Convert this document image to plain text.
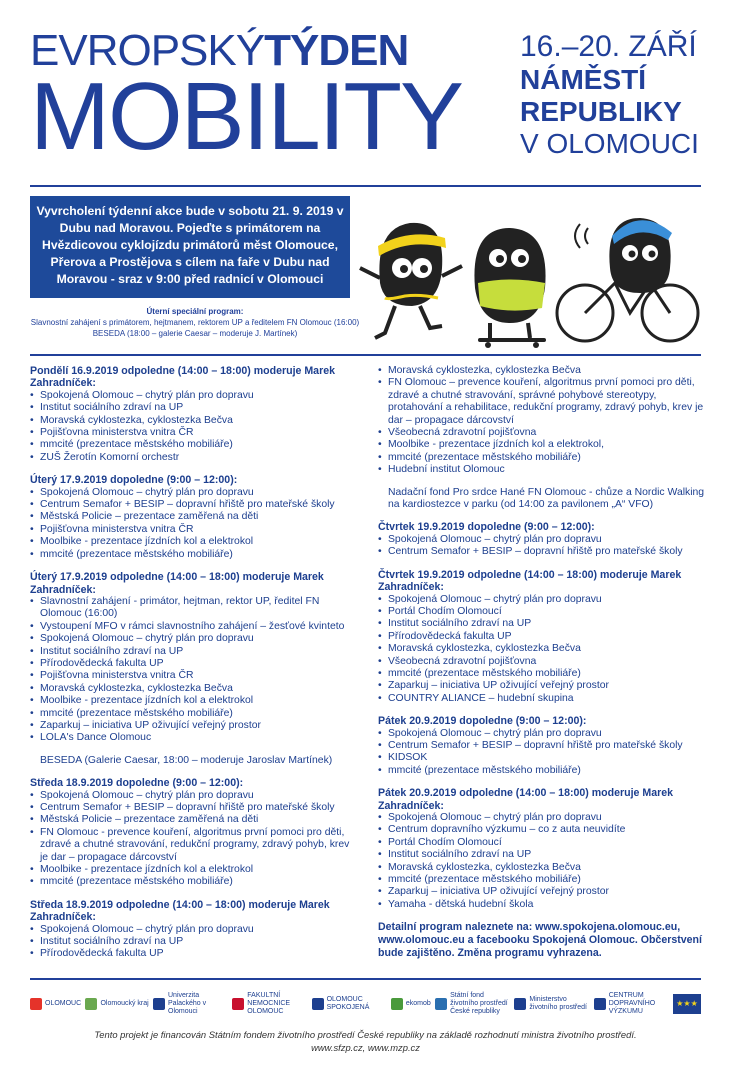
EVROPSKÝTÝDEN
MOBILITY
16.–20. ZÁŘÍ
NÁMĚSTÍ
REPUBLIKY
V OLOMOUCI
Vyvrcholení týdenní akce bude v sobotu 21. 9. 2019 v Dubu nad Moravou. Pojeďte s primátorem na Hvězdicovou cyklojízdu primátorů měst Olomouce, Přerova a Prostějova s cílem na faře v Dubu nad Moravou - sraz v 9:00 před radnicí v Olomouci
Úterní speciální program:
Slavnostní zahájení s primátorem, hejtmanem, rektorem UP a ředitelem FN Olomouc (16:00)
BESEDA (18:00 – galerie Caesar – moderuje J. Martínek)
Pondělí 16.9.2019 odpoledne (14:00 – 18:00) moderuje Marek Zahradníček:
• Spokojená Olomouc – chytrý plán pro dopravu
• Institut sociálního zdraví na UP
• Moravská cyklostezka, cyklostezka Bečva
• Pojišťovna ministerstva vnitra ČR
• mmcité (prezentace městského mobiliáře)
• ZUŠ Žerotín Komorní orchestr
Úterý 17.9.2019 dopoledne (9:00 – 12:00):
• Spokojená Olomouc – chytrý plán pro dopravu
• Centrum Semafor + BESIP – dopravní hřiště pro mateřské školy
• Městská Policie – prezentace zaměřená na děti
• Pojišťovna ministerstva vnitra ČR
• Moolbike - prezentace jízdních kol a elektrokol
• mmcité (prezentace městského mobiliáře)
Úterý 17.9.2019 odpoledne (14:00 – 18:00) moderuje Marek Zahradníček:
• Slavnostní zahájení - primátor, hejtman, rektor UP, ředitel FN Olomouc (16:00)
• Vystoupení MFO v rámci slavnostního zahájení – žesťové kvinteto
• Spokojená Olomouc – chytrý plán pro dopravu
• Institut sociálního zdraví na UP
• Přírodovědecká fakulta UP
• Pojišťovna ministerstva vnitra ČR
• Moravská cyklostezka, cyklostezka Bečva
• Moolbike - prezentace jízdních kol a elektrokol
• mmcité (prezentace městského mobiliáře)
• Zaparkuj – iniciativa UP oživující veřejný prostor
• LOLA's Dance Olomouc
BESEDA (Galerie Caesar, 18:00 – moderuje Jaroslav Martínek)
Středa 18.9.2019 dopoledne (9:00 – 12:00):
• Spokojená Olomouc – chytrý plán pro dopravu
• Centrum Semafor + BESIP – dopravní hřiště pro mateřské školy
• Městská Policie – prezentace zaměřená na děti
• FN Olomouc - prevence kouření, algoritmus první pomoci pro děti, zdravé a chutné stravování, redukční programy, zdravý pohyb, krev je dar – propagace dárcovství
• Moolbike - prezentace jízdních kol a elektrokol
• mmcité (prezentace městského mobiliáře)
Středa 18.9.2019 odpoledne (14:00 – 18:00) moderuje Marek Zahradníček:
• Spokojená Olomouc – chytrý plán pro dopravu
• Institut sociálního zdraví na UP
• Přírodovědecká fakulta UP
• Moravská cyklostezka, cyklostezka Bečva
• FN Olomouc – prevence kouření, algoritmus první pomoci pro děti, zdravé a chutné stravování, správné pohybové stereotypy, protahování a rehabilitace, redukční programy, zdravý pohyb, krev je dar – propagace dárcovství
• Všeobecná zdravotní pojišťovna
• Moolbike - prezentace jízdních kol a elektrokol,
• mmcité (prezentace městského mobiliáře)
• Hudební institut Olomouc
Nadační fond Pro srdce Hané FN Olomouc - chůze a Nordic Walking na kardiostezce v parku (od 14:00 za pavilonem „A“ VFO)
Čtvrtek 19.9.2019 dopoledne (9:00 – 12:00):
• Spokojená Olomouc – chytrý plán pro dopravu
• Centrum Semafor + BESIP – dopravní hřiště pro mateřské školy
Čtvrtek 19.9.2019 odpoledne (14:00 – 18:00) moderuje Marek Zahradníček:
• Spokojená Olomouc – chytrý plán pro dopravu
• Portál Chodím Olomoucí
• Institut sociálního zdraví na UP
• Přírodovědecká fakulta UP
• Moravská cyklostezka, cyklostezka Bečva
• Všeobecná zdravotní pojišťovna
• mmcité (prezentace městského mobiliáře)
• Zaparkuj – iniciativa UP oživující veřejný prostor
• COUNTRY ALIANCE – hudební skupina
Pátek 20.9.2019 dopoledne (9:00 – 12:00):
• Spokojená Olomouc – chytrý plán pro dopravu
• Centrum Semafor + BESIP – dopravní hřiště pro mateřské školy
• KIDSOK
• mmcité (prezentace městského mobiliáře)
Pátek 20.9.2019 odpoledne (14:00 – 18:00) moderuje Marek Zahradníček:
• Spokojená Olomouc – chytrý plán pro dopravu
• Centrum dopravního výzkumu – co z auta neuvidíte
• Portál Chodím Olomoucí
• Institut sociálního zdraví na UP
• Moravská cyklostezka, cyklostezka Bečva
• mmcité (prezentace městského mobiliáře)
• Zaparkuj – iniciativa UP oživující veřejný prostor
• Yamaha - dětská hudební škola
Detailní program naleznete na: www.spokojena.olomouc.eu, www.olomouc.eu a facebooku Spokojená Olomouc. Občerstvení bude zajištěno. Změna programu vyhrazena.
OLOMOUC	Olomoucký kraj
Univerzita Palackého v Olomouci
FAKULTNÍ NEMOCNICE OLOMOUC
OLOMOUC SPOKOJENÁ
ekomob
Státní fond životního prostředí České republiky
Ministerstvo životního prostředí
CENTRUM DOPRAVNÍHO VÝZKUMU
★★★
Tento projekt je financován Státním fondem životního prostředí České republiky na základě rozhodnutí ministra životního prostředí.
www.sfzp.cz, www.mzp.cz
